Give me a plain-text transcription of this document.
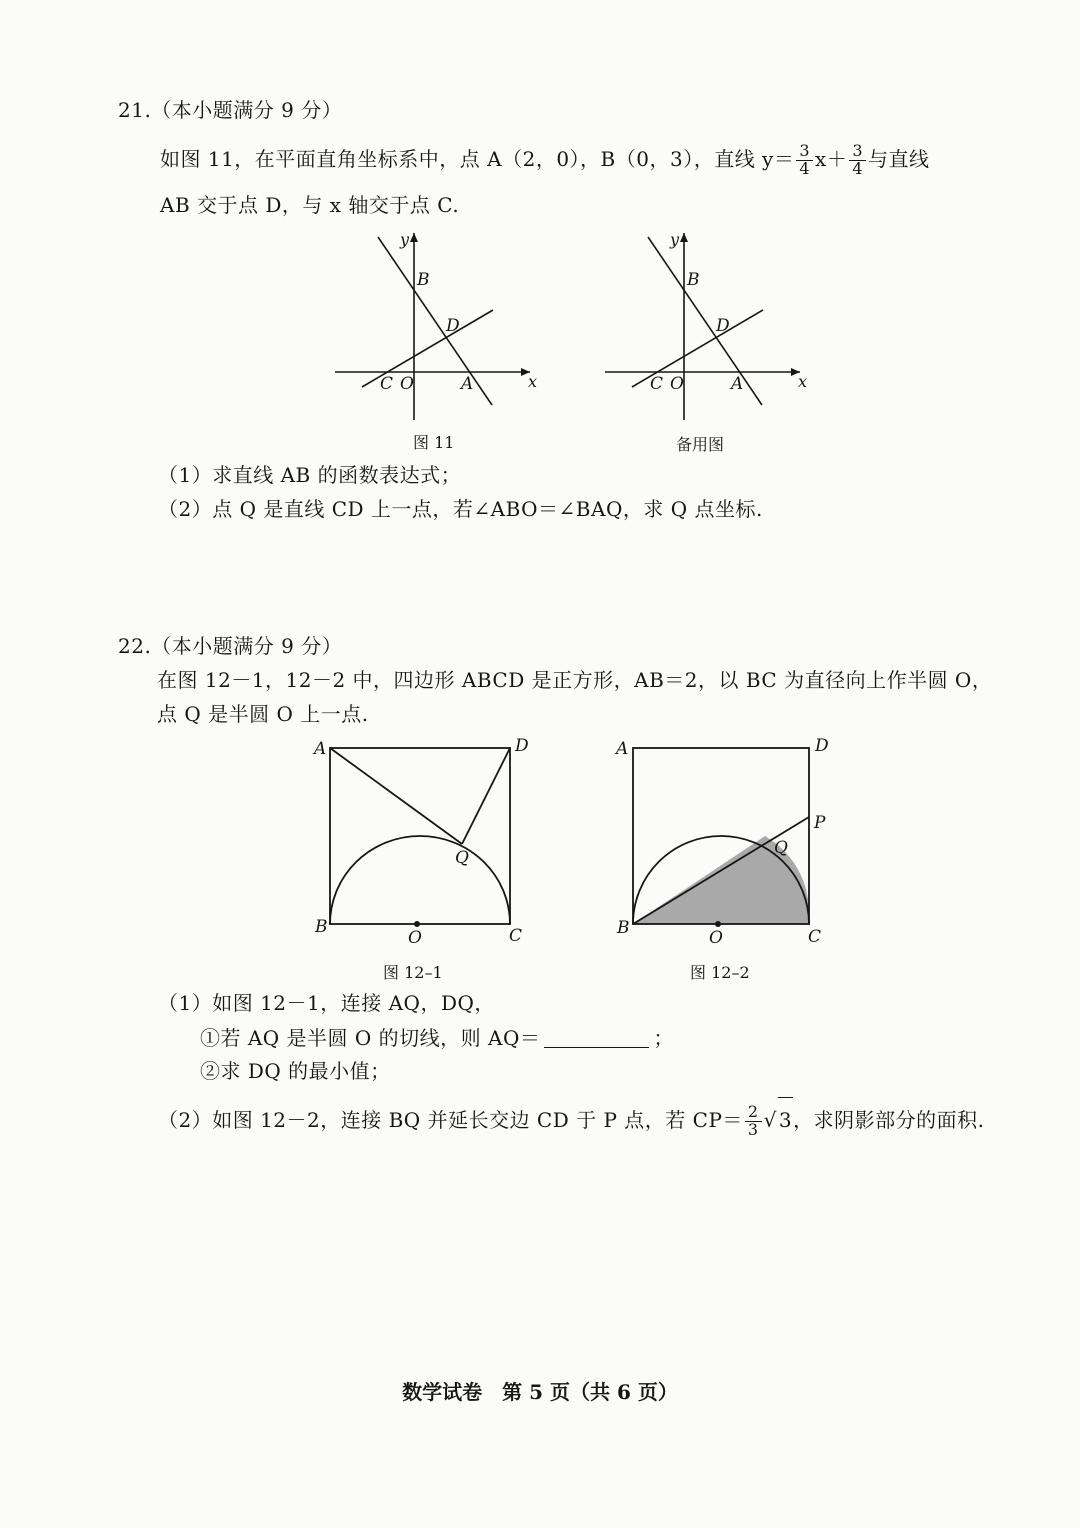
21.（本小题满分 9 分）
如图 11，在平面直角坐标系中，点 A（2，0），B（0，3），直线 $y= \frac{3}{4} x+ \frac{3}{4}$ 与直线
AB 交于点 D，与 x 轴交于点 C.
y
x
B
D
C O	A
图 11
y
x
B
D
C O	A
备用图
（1）求直线 AB 的函数表达式；
（2）点 Q 是直线 CD 上一点，若∠ABO＝∠BAQ，求 Q 点坐标.
22.（本小题满分 9 分）
在图 12－1，12－2 中，四边形 ABCD 是正方形，AB＝2，以 BC 为直径向上作半圆 O，
点 Q 是半圆 O 上一点.
A	D
B	C
O
Q
图 12–1
A	D
P
Q
B	C
O
图 12–2
（1）如图 12－1，连接 AQ，DQ，
①若 AQ 是半圆 O 的切线，则 AQ＝	；
②求 DQ 的最小值；
（2）如图 12－2，连接 BQ 并延长交边 CD 于 P 点，若 $CP= \frac{2}{3}$ √ 3，求阴影部分的面积.
数学试卷　第 5 页（共 6 页）
